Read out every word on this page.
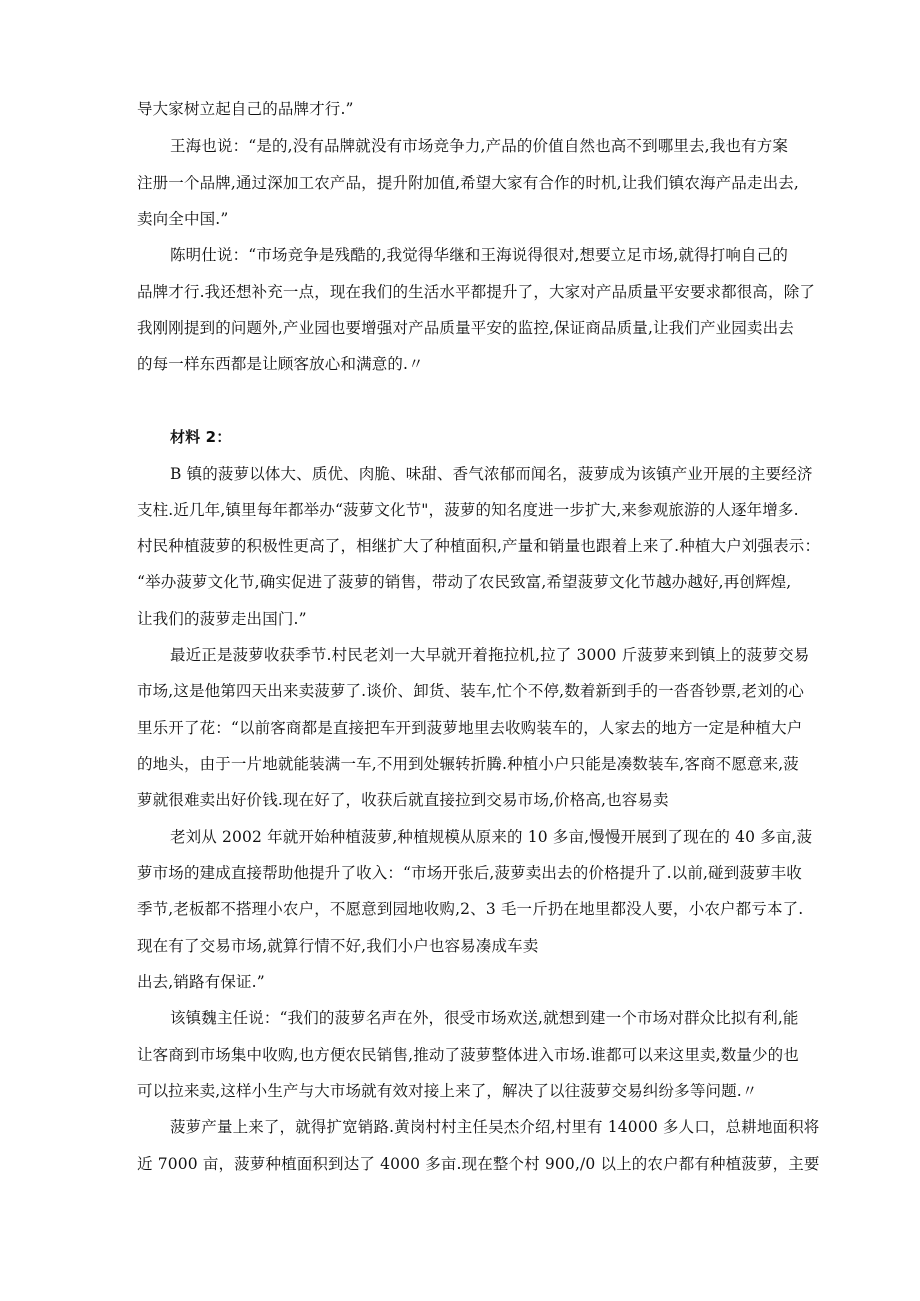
导大家树立起自己的品牌才行.”
王海也说：“是的,没有品牌就没有市场竞争力,产品的价值自然也高不到哪里去,我也有方案
注册一个品牌,通过深加工农产品，提升附加值,希望大家有合作的时机,让我们镇农海产品走出去,
卖向全中国.”
陈明仕说：“市场竞争是残酷的,我觉得华继和王海说得很对,想要立足市场,就得打响自己的
品牌才行.我还想补充一点，现在我们的生活水平都提升了，大家对产品质量平安要求都很高，除了
我刚刚提到的问题外,产业园也要增强对产品质量平安的监控,保证商品质量,让我们产业园卖出去
的每一样东西都是让顾客放心和满意的.〃
材料 2：
B 镇的菠萝以体大、质优、肉脆、味甜、香气浓郁而闻名，菠萝成为该镇产业开展的主要经济
支柱.近几年,镇里每年都举办“菠萝文化节"，菠萝的知名度进一步扩大,来参观旅游的人逐年增多.
村民种植菠萝的积极性更高了，相继扩大了种植面积,产量和销量也跟着上来了.种植大户刘强表示：
“举办菠萝文化节,确实促进了菠萝的销售，带动了农民致富,希望菠萝文化节越办越好,再创辉煌,
让我们的菠萝走出国门.”
最近正是菠萝收获季节.村民老刘一大早就开着拖拉机,拉了 3000 斤菠萝来到镇上的菠萝交易
市场,这是他第四天出来卖菠萝了.谈价、卸货、装车,忙个不停,数着新到手的一沓沓钞票,老刘的心
里乐开了花：“以前客商都是直接把车开到菠萝地里去收购装车的，人家去的地方一定是种植大户
的地头，由于一片地就能装满一车,不用到处辗转折腾.种植小户只能是凑数装车,客商不愿意来,菠
萝就很难卖出好价钱.现在好了，收获后就直接拉到交易市场,价格高,也容易卖
老刘从 2002 年就开始种植菠萝,种植规模从原来的 10 多亩,慢慢开展到了现在的 40 多亩,菠
萝市场的建成直接帮助他提升了收入：“市场开张后,菠萝卖出去的价格提升了.以前,碰到菠萝丰收
季节,老板都不搭理小农户，不愿意到园地收购,2、3 毛一斤扔在地里都没人要，小农户都亏本了.
现在有了交易市场,就算行情不好,我们小户也容易凑成车卖
出去,销路有保证.”
该镇魏主任说：“我们的菠萝名声在外，很受市场欢送,就想到建一个市场对群众比拟有利,能
让客商到市场集中收购,也方便农民销售,推动了菠萝整体进入市场.谁都可以来这里卖,数量少的也
可以拉来卖,这样小生产与大市场就有效对接上来了，解决了以往菠萝交易纠纷多等问题.〃
菠萝产量上来了，就得扩宽销路.黄岗村村主任吴杰介绍,村里有 14000 多人口，总耕地面积将
近 7000 亩，菠萝种植面积到达了 4000 多亩.现在整个村 900,/0 以上的农户都有种植菠萝，主要
